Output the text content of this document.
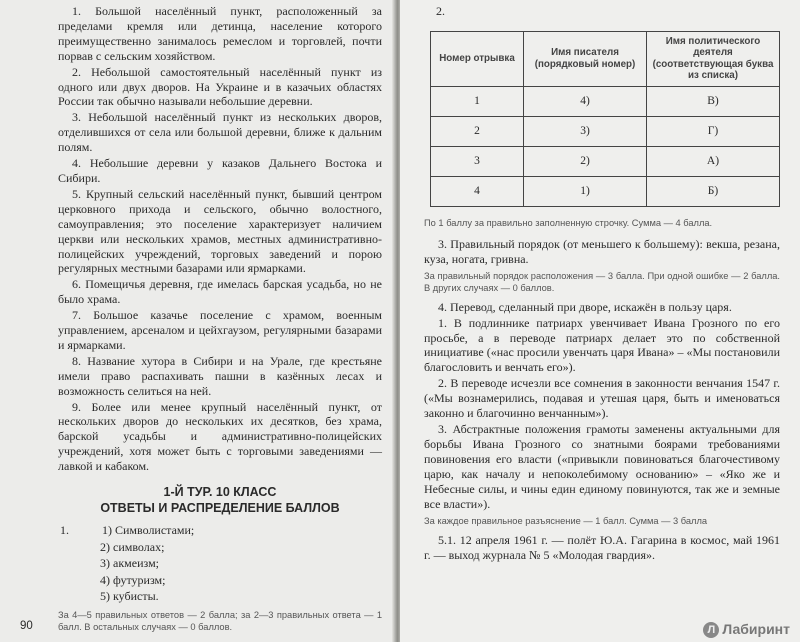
1. Большой населённый пункт, расположенный за пределами кремля или детинца, население которого преимущественно занималось ремеслом и торговлей, почти порвав с сельским хозяйством.

2. Небольшой самостоятельный населённый пункт из одного или двух дворов. На Украине и в казачьих областях России так обычно называли небольшие деревни.

3. Небольшой населённый пункт из нескольких дворов, отделившихся от села или большой деревни, ближе к дальним полям.

4. Небольшие деревни у казаков Дальнего Востока и Сибири.

5. Крупный сельский населённый пункт, бывший центром церковного прихода и сельского, обычно волостного, самоуправления; это поселение характеризует наличием церкви или нескольких храмов, местных административно-полицейских учреждений, торговых заведений и порою регулярных местными базарами или ярмарками.

6. Помещичья деревня, где имелась барская усадьба, но не было храма.

7. Большое казачье поселение с храмом, военным управлением, арсеналом и цейхгаузом, регулярными базарами и ярмарками.

8. Название хутора в Сибири и на Урале, где крестьяне имели право распахивать пашни в казённых лесах и возможность селиться на ней.

9. Более или менее крупный населённый пункт, от нескольких дворов до нескольких их десятков, без храма, барской усадьбы и административно-полицейских учреждений, хотя может быть с торговыми заведениями — лавкой и кабаком.

1-Й ТУР. 10 КЛАСС
ОТВЕТЫ И РАСПРЕДЕЛЕНИЕ БАЛЛОВ
1.	1) Символистами;
2) символах;
3) акмеизм;
4) футуризм;
5) кубисты.

За 4—5 правильных ответов — 2 балла; за 2—3 правильных ответа — 1 балл. В остальных случаях — 0 баллов.

90

2.

Номер отрывка	Имя писателя (порядковый номер)	Имя политического деятеля (соответствующая буква из списка)
1	4)	В)
2	3)	Г)
3	2)	А)
4	1)	Б)

По 1 баллу за правильно заполненную строчку. Сумма — 4 балла.

3. Правильный порядок (от меньшего к большему): векша, резана, куза, ногата, гривна.

За правильный порядок расположения — 3 балла. При одной ошибке — 2 балла. В других случаях — 0 баллов.

4. Перевод, сделанный при дворе, искажён в пользу царя.

1. В подлиннике патриарх увенчивает Ивана Грозного по его просьбе, а в переводе патриарх делает это по собственной инициативе («нас просили увенчать царя Ивана» – «Мы постановили благословить и венчать его»).

2. В переводе исчезли все сомнения в законности венчания 1547 г. («Мы вознамерились, подавая и утешая царя, быть и именоваться законно и благочинно венчанным»).

3. Абстрактные положения грамоты заменены актуальными для борьбы Ивана Грозного со знатными боярами требованиями повиновения его власти («привыкли повиноваться благочестивому царю, как началу и непоколебимому основанию» – «Яко же и Небесные силы, и чины един единому повинуются, так же и земные все власти»).

За каждое правильное разъяснение — 1 балл. Сумма — 3 балла

5.1. 12 апреля 1961 г. — полёт Ю.А. Гагарина в космос, май 1961 г. — выход журнала № 5 «Молодая гвардия».

Л Лабиринт
